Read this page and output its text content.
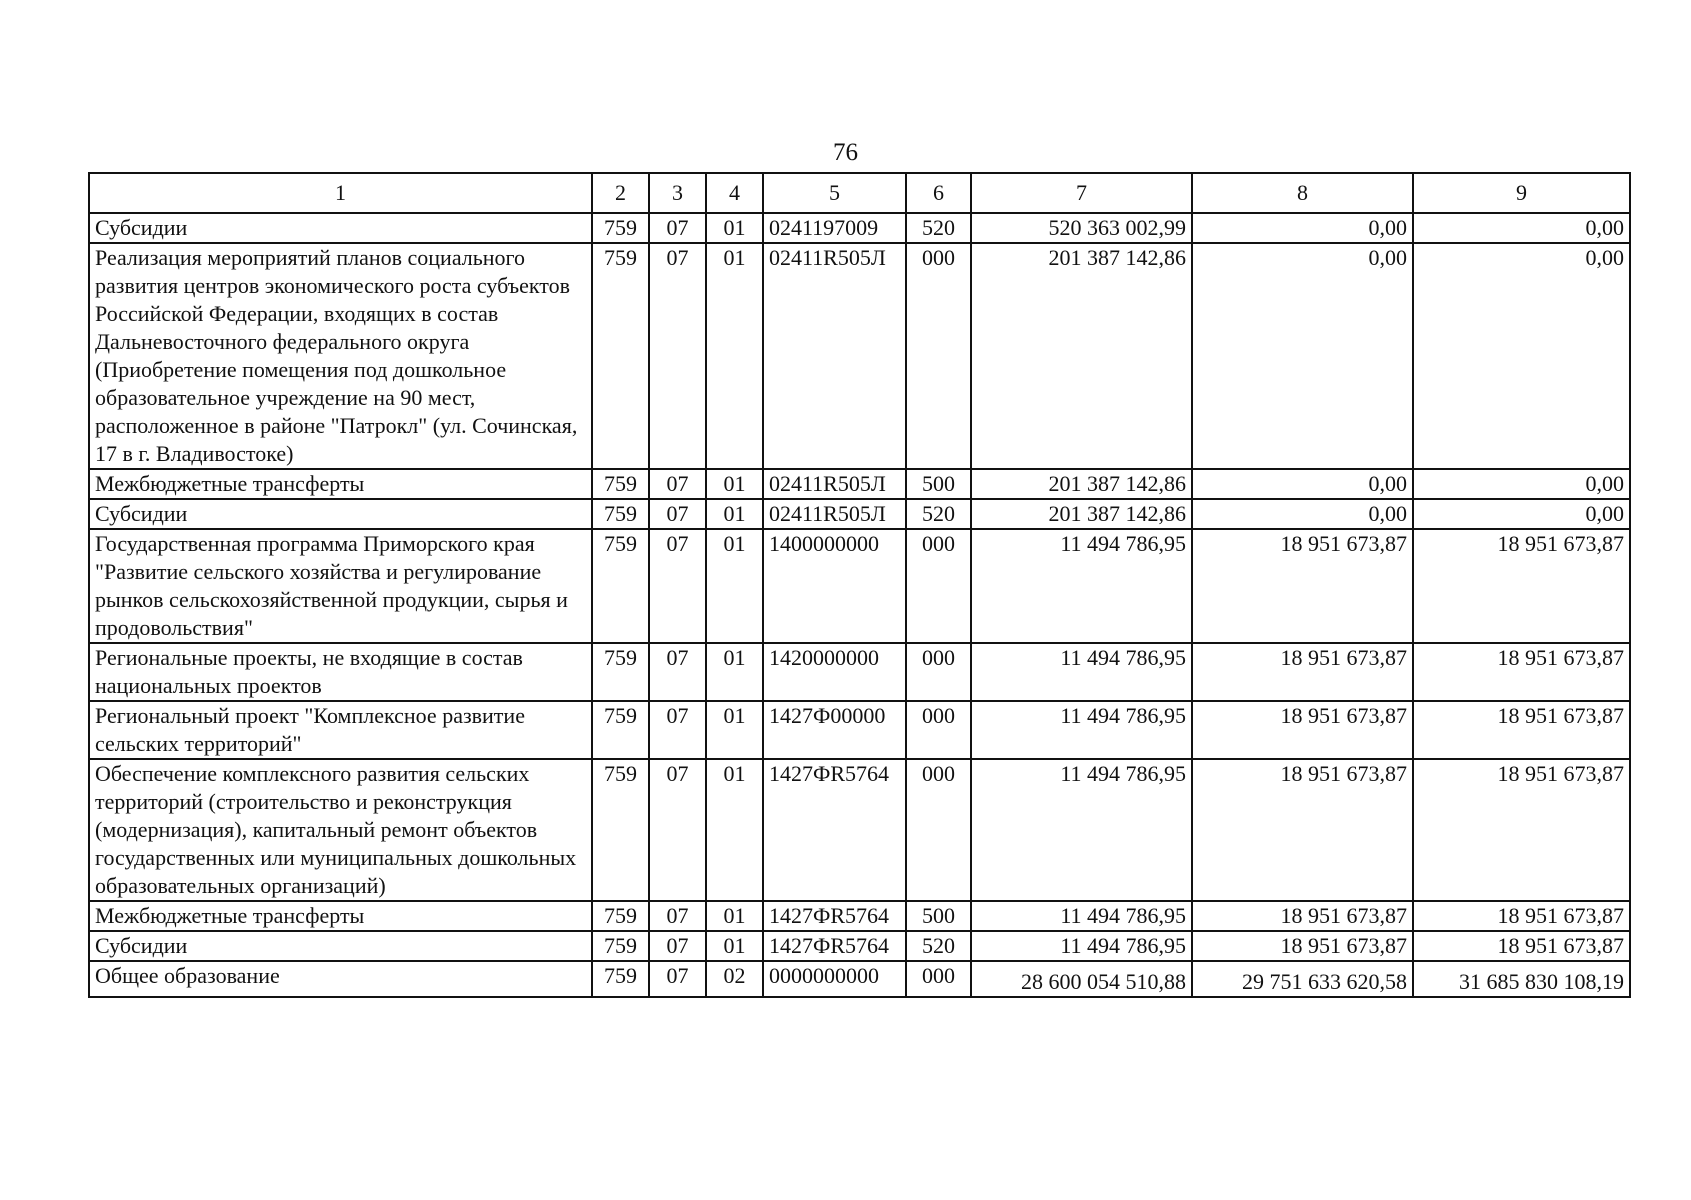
76
1	2	3	4	5	6	7	8	9
Субсидии	759	07	01	0241197009	520	520 363 002,99	0,00	0,00
Реализация мероприятий планов социального развития центров экономического роста субъектов Российской Федерации, входящих в состав Дальневосточного федерального округа (Приобретение помещения под дошкольное образовательное учреждение на 90 мест, расположенное в районе "Патрокл" (ул. Сочинская, 17 в г. Владивостоке)	759	07	01	02411R505Л	000	201 387 142,86	0,00	0,00
Межбюджетные трансферты	759	07	01	02411R505Л	500	201 387 142,86	0,00	0,00
Субсидии	759	07	01	02411R505Л	520	201 387 142,86	0,00	0,00
Государственная программа Приморского края "Развитие сельского хозяйства и регулирование рынков сельскохозяйственной продукции, сырья и продовольствия"	759	07	01	1400000000	000	11 494 786,95	18 951 673,87	18 951 673,87
Региональные проекты, не входящие в состав национальных проектов	759	07	01	1420000000	000	11 494 786,95	18 951 673,87	18 951 673,87
Региональный проект "Комплексное развитие сельских территорий"	759	07	01	1427Ф00000	000	11 494 786,95	18 951 673,87	18 951 673,87
Обеспечение комплексного развития сельских территорий (строительство и реконструкция (модернизация), капитальный ремонт объектов государственных или муниципальных дошкольных образовательных организаций)	759	07	01	1427ФR5764	000	11 494 786,95	18 951 673,87	18 951 673,87
Межбюджетные трансферты	759	07	01	1427ФR5764	500	11 494 786,95	18 951 673,87	18 951 673,87
Субсидии	759	07	01	1427ФR5764	520	11 494 786,95	18 951 673,87	18 951 673,87
Общее образование	759	07	02	0000000000	000	28 600 054 510,88	29 751 633 620,58	31 685 830 108,19
